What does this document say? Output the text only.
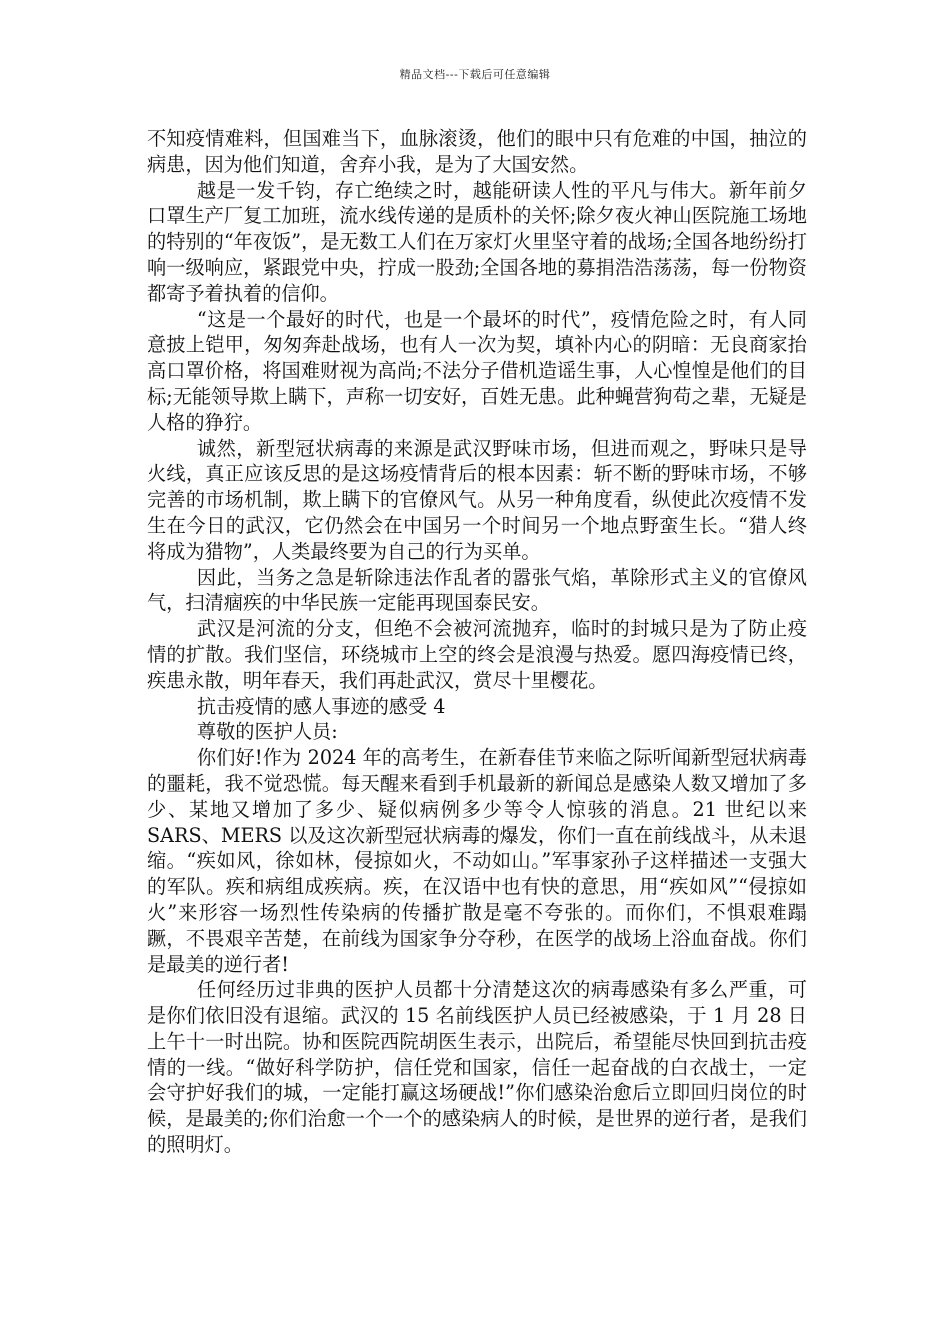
精品文档---下载后可任意编辑

不知疫情难料，但国难当下，血脉滚烫，他们的眼中只有危难的中国，抽泣的病患，因为他们知道，舍弃小我，是为了大国安然。

越是一发千钧，存亡绝续之时，越能研读人性的平凡与伟大。新年前夕口罩生产厂复工加班，流水线传递的是质朴的关怀;除夕夜火神山医院施工场地的特别的“年夜饭”，是无数工人们在万家灯火里坚守着的战场;全国各地纷纷打响一级响应，紧跟党中央，拧成一股劲;全国各地的募捐浩浩荡荡，每一份物资都寄予着执着的信仰。

“这是一个最好的时代，也是一个最坏的时代”，疫情危险之时，有人同意披上铠甲，匆匆奔赴战场，也有人一次为契，填补内心的阴暗：无良商家抬高口罩价格，将国难财视为高尚;不法分子借机造谣生事，人心惶惶是他们的目标;无能领导欺上瞒下，声称一切安好，百姓无患。此种蝇营狗苟之辈，无疑是人格的狰狞。

诚然，新型冠状病毒的来源是武汉野味市场，但进而观之，野味只是导火线，真正应该反思的是这场疫情背后的根本因素：斩不断的野味市场，不够完善的市场机制，欺上瞒下的官僚风气。从另一种角度看，纵使此次疫情不发生在今日的武汉，它仍然会在中国另一个时间另一个地点野蛮生长。“猎人终将成为猎物”，人类最终要为自己的行为买单。

因此，当务之急是斩除违法作乱者的嚣张气焰，革除形式主义的官僚风气，扫清痼疾的中华民族一定能再现国泰民安。

武汉是河流的分支，但绝不会被河流抛弃，临时的封城只是为了防止疫情的扩散。我们坚信，环绕城市上空的终会是浪漫与热爱。愿四海疫情已终，疾患永散，明年春天，我们再赴武汉，赏尽十里樱花。

抗击疫情的感人事迹的感受 4

尊敬的医护人员:

你们好!作为 2024 年的高考生，在新春佳节来临之际听闻新型冠状病毒的噩耗，我不觉恐慌。每天醒来看到手机最新的新闻总是感染人数又增加了多少、某地又增加了多少、疑似病例多少等令人惊骇的消息。21 世纪以来 SARS、MERS 以及这次新型冠状病毒的爆发，你们一直在前线战斗，从未退缩。“疾如风，徐如林，侵掠如火，不动如山。”军事家孙子这样描述一支强大的军队。疾和病组成疾病。疾，在汉语中也有快的意思，用“疾如风”“侵掠如火”来形容一场烈性传染病的传播扩散是毫不夸张的。而你们，不惧艰难蹋蹶，不畏艰辛苦楚，在前线为国家争分夺秒，在医学的战场上浴血奋战。你们是最美的逆行者!

任何经历过非典的医护人员都十分清楚这次的病毒感染有多么严重，可是你们依旧没有退缩。武汉的 15 名前线医护人员已经被感染，于 1 月 28 日上午十一时出院。协和医院西院胡医生表示，出院后，希望能尽快回到抗击疫情的一线。“做好科学防护，信任党和国家，信任一起奋战的白衣战士，一定会守护好我们的城，一定能打赢这场硬战!”你们感染治愈后立即回归岗位的时候，是最美的;你们治愈一个一个的感染病人的时候，是世界的逆行者，是我们的照明灯。
